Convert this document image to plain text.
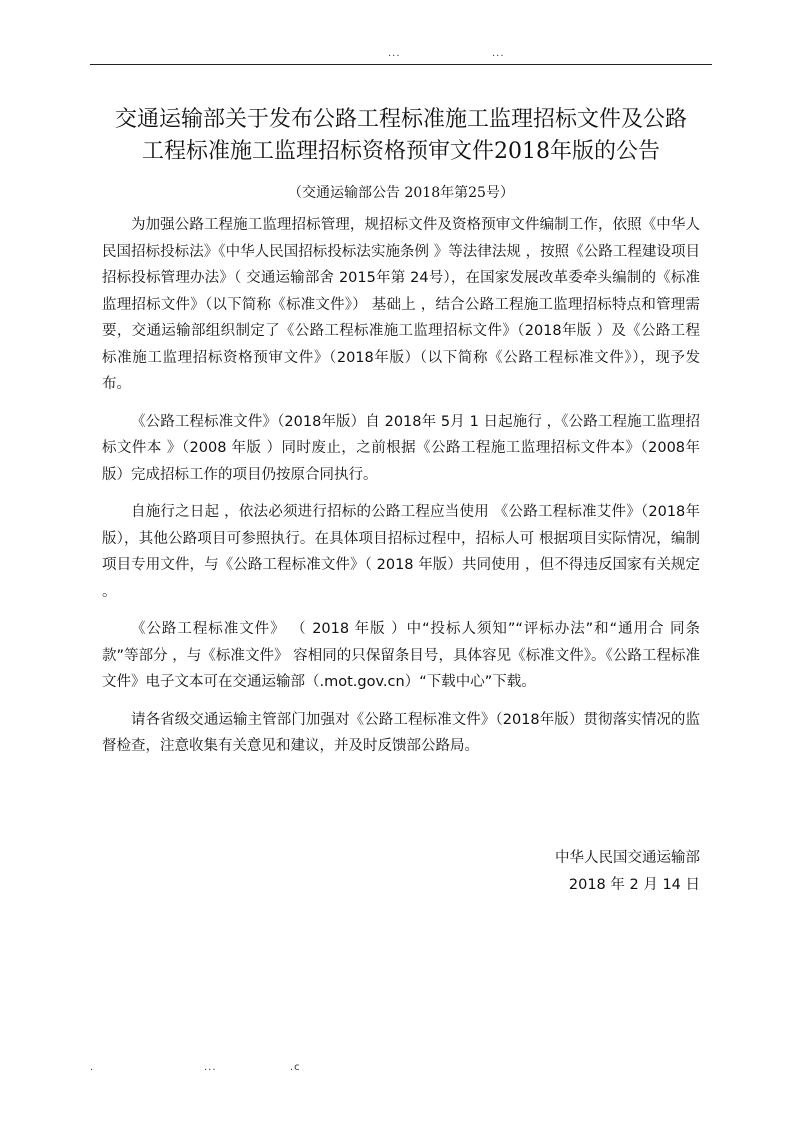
...	...
交通运输部关于发布公路工程标准施工监理招标文件及公路
工程标准施工监理招标资格预审文件2018年版的公告
（交通运输部公告 2018年第25号）

为加强公路工程施工监理招标管理，规招标文件及资格预审文件编制工作，依照《中华人民国招标投标法》《中华人民国招标投标法实施条例 》等法律法规 ，按照《公路工程建设项目招标投标管理办法》（ 交通运输部舍 2015年第 24号），在国家发展改革委牵头编制的《标准监理招标文件》（以下简称《标准文件》） 基础上 ，结合公路工程施工监理招标特点和管理需要，交通运输部组织制定了《公路工程标准施工监理招标文件》（2018年版 ）及《公路工程标准施工监理招标资格预审文件》（2018年版）（以下简称《公路工程标准文件》），现予发布。

《公路工程标准文件》（2018年版）自 2018年 5月 1 日起施行 ，《公路工程施工监理招标文件本 》（2008 年版 ）同时废止，之前根据《公路工程施工监理招标文件本》（2008年版）完成招标工作的项目仍按原合同执行。

自施行之日起 ，依法必须进行招标的公路工程应当使用 《公路工程标准艾件》（2018年版），其他公路项目可参照执行。在具体项目招标过程中，招标人可 根据项目实际情况，编制项目专用文件，与《公路工程标准文件》（ 2018 年版）共同使用 ，但不得违反国家有关规定 。

《公路工程标准文件》 （ 2018 年版 ）中“投标人须知”“评标办法”和“通用合 同条款”等部分 ，与《标准文件》 容相同的只保留条目号，具体容见《标准文件》。《公路工程标准文件》电子文本可在交通运输部（.mot.gov.cn）“下载中心”下载。

请各省级交通运输主管部门加强对《公路工程标准文件》（2018年版）贯彻落实情况的监督检查，注意收集有关意见和建议，并及时反馈部公路局。

中华人民国交通运输部
2018 年 2 月 14 日
.	...	.c
